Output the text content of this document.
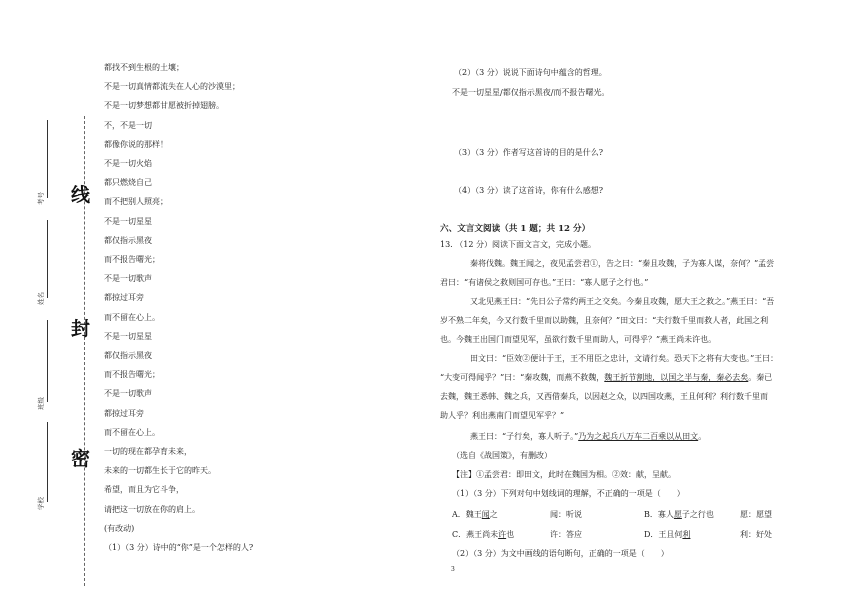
线
封
密
考号
姓名
班级
学校
都找不到生根的土壤；
不是一切真情都流失在人心的沙漠里；
不是一切梦想都甘愿被折掉翅膀。
不，不是一切
都像你说的那样！
不是一切火焰
都只燃烧自己
而不把别人照亮；
不是一切星星
都仅指示黑夜
而不报告曙光；
不是一切歌声
都掠过耳旁
而不留在心上。
不是一切星星
都仅指示黑夜
而不报告曙光；
不是一切歌声
都掠过耳旁
而不留在心上。
一切的现在都孕育未来，
未来的一切都生长于它的昨天。
希望，而且为它斗争，
请把这一切放在你的肩上。
(有改动)
（1）（3 分）诗中的“你”是一个怎样的人?
（2）（3 分）说说下面诗句中蕴含的哲理。
不是一切星星/都仅指示黑夜/而不报告曙光。
（3）（3 分）作者写这首诗的目的是什么?
（4）（3 分）读了这首诗，你有什么感想?
六、文言文阅读（共 1 题；共 12 分）
13. （12 分）阅读下面文言文，完成小题。
秦将伐魏。魏王闻之，夜见孟尝君①，告之曰：“秦且攻魏，子为寡人谋，奈何？”孟尝
君曰：“有诸侯之救则国可存也。”王曰：“寡人愿子之行也。”
又北见燕王曰：“先日公子常约两王之交矣。今秦且攻魏，愿大王之救之。”燕王曰：“吾
岁不熟二年矣，今又行数千里而以助魏，且奈何？”田文曰：“夫行数千里而救人者，此国之利
也。今魏王出国门而望见军，虽欲行数千里而助人，可得乎？”燕王尚未许也。
田文曰：“臣效②便计于王，王不用臣之忠计，文请行矣。恐天下之将有大变也。”王曰：
“大变可得闻乎？”曰：“秦攻魏，而燕不救魏，魏王折节割地，以国之半与秦，秦必去矣。秦已
去魏，魏王悉韩、魏之兵，又西借秦兵，以因赵之众，以四国攻燕，王且何利？利行数千里而
助人乎？利出燕南门而望见军乎？”
燕王曰：“子行矣，寡人听子。”乃为之起兵八万车二百乘以从田文。
（选自《战国策》，有删改）
【注】①孟尝君：即田文，此时在魏国为相。②效：献，呈献。
（1）（3 分）下列对句中划线词的理解，不正确的一项是（　　）
A．魏王闻之	闻：听说	B．寡人愿子之行也	愿：愿望
C．燕王尚未许也	许：答应	D．王且何利	利：好处
（2）（3 分）为文中画线的语句断句，正确的一项是（　　）
3
